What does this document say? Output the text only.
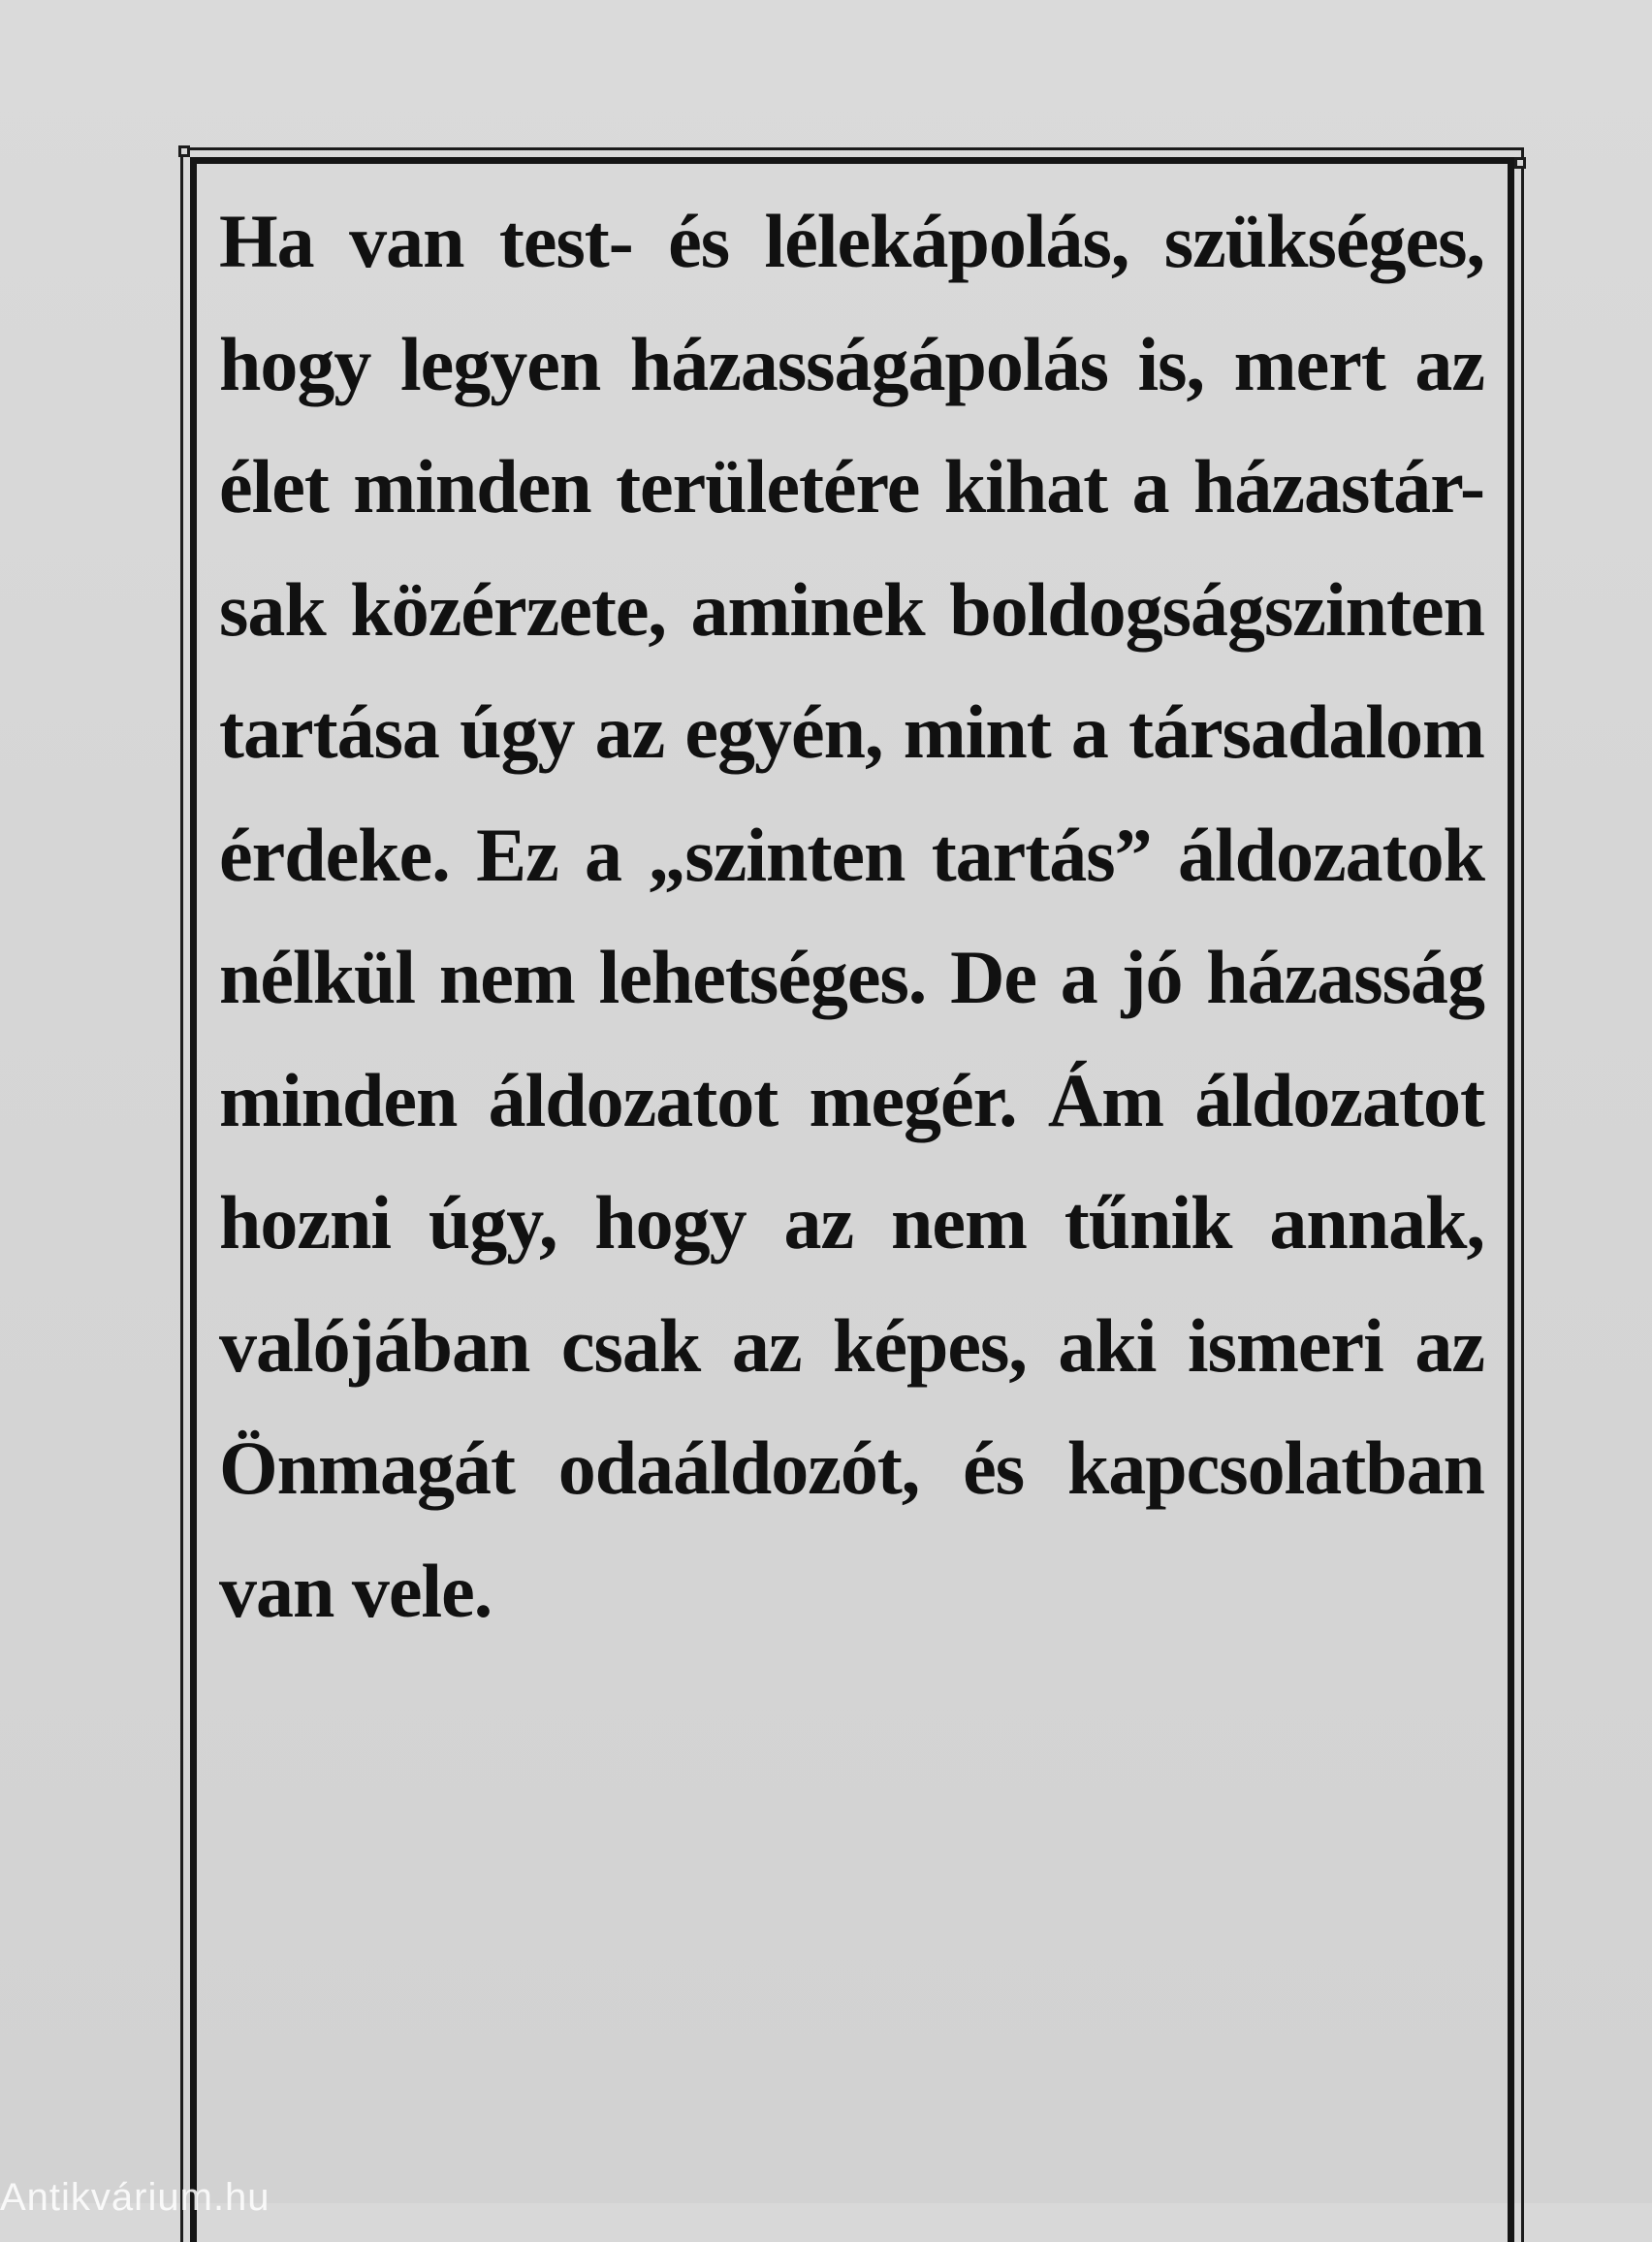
Ha van test- és lélekápolás, szükséges,
hogy legyen házasságápolás is, mert az
élet minden területére kihat a házastár-
sak közérzete, aminek boldogságszinten
tartása úgy az egyén, mint a társadalom
érdeke. Ez a „szinten tartás” áldozatok
nélkül nem lehetséges. De a jó házasság
minden áldozatot megér. Ám áldozatot
hozni úgy, hogy az nem tűnik annak,
valójában csak az képes, aki ismeri az
Önmagát odaáldozót, és kapcsolatban
van vele.
Antikvárium.hu
